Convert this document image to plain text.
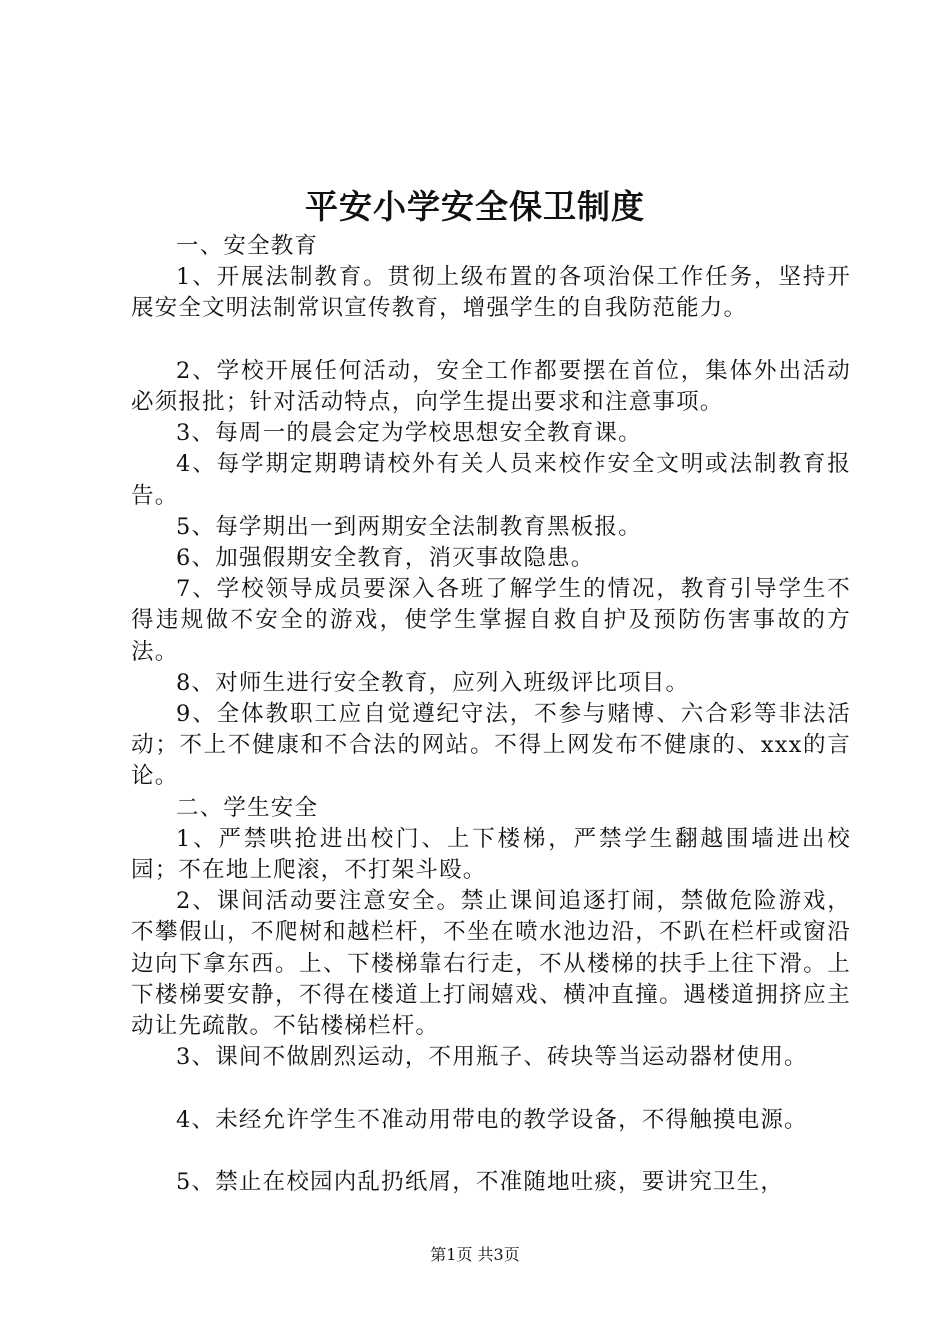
平安小学安全保卫制度

一、安全教育

1、开展法制教育。贯彻上级布置的各项治保工作任务，坚持开展安全文明法制常识宣传教育，增强学生的自我防范能力。

2、学校开展任何活动，安全工作都要摆在首位，集体外出活动必须报批；针对活动特点，向学生提出要求和注意事项。

3、每周一的晨会定为学校思想安全教育课。

4、每学期定期聘请校外有关人员来校作安全文明或法制教育报告。

5、每学期出一到两期安全法制教育黑板报。

6、加强假期安全教育，消灭事故隐患。

7、学校领导成员要深入各班了解学生的情况，教育引导学生不得违规做不安全的游戏，使学生掌握自救自护及预防伤害事故的方法。

8、对师生进行安全教育，应列入班级评比项目。

9、全体教职工应自觉遵纪守法，不参与赌博、六合彩等非法活动；不上不健康和不合法的网站。不得上网发布不健康的、xxx的言论。

二、学生安全

1、严禁哄抢进出校门、上下楼梯，严禁学生翻越围墙进出校园；不在地上爬滚，不打架斗殴。

2、课间活动要注意安全。禁止课间追逐打闹，禁做危险游戏，不攀假山，不爬树和越栏杆，不坐在喷水池边沿，不趴在栏杆或窗沿边向下拿东西。上、下楼梯靠右行走，不从楼梯的扶手上往下滑。上下楼梯要安静，不得在楼道上打闹嬉戏、横冲直撞。遇楼道拥挤应主动让先疏散。不钻楼梯栏杆。

3、课间不做剧烈运动，不用瓶子、砖块等当运动器材使用。

4、未经允许学生不准动用带电的教学设备，不得触摸电源。

5、禁止在校园内乱扔纸屑，不准随地吐痰，要讲究卫生，

第1页 共3页
